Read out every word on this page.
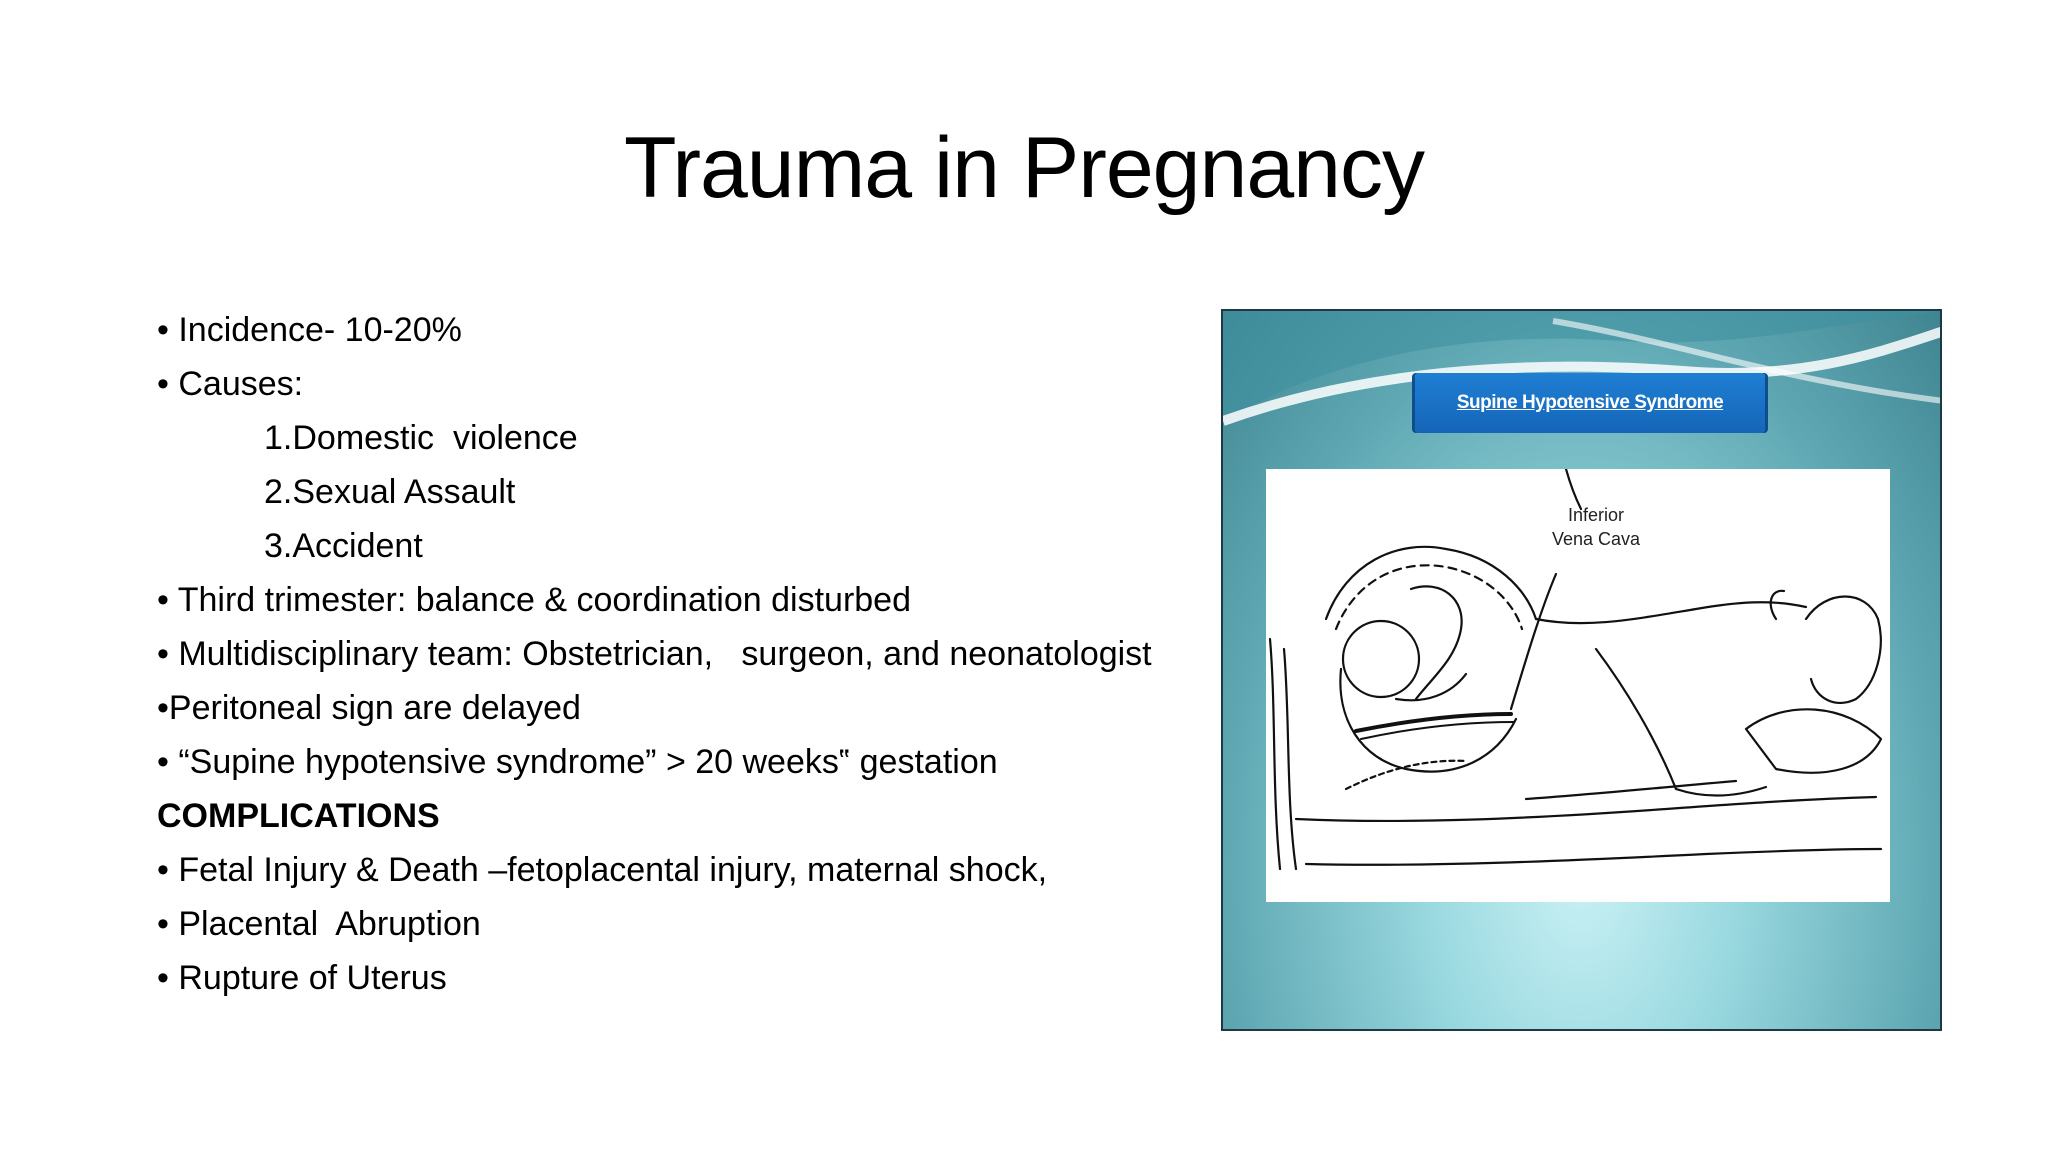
Trauma in Pregnancy
• Incidence- 10-20%
• Causes:
1.Domestic  violence
2.Sexual Assault
3.Accident
• Third trimester: balance & coordination disturbed
• Multidisciplinary team: Obstetrician,   surgeon, and neonatologist
•Peritoneal sign are delayed
• “Supine hypotensive syndrome” > 20 weeks‟ gestation
COMPLICATIONS
• Fetal Injury & Death –fetoplacental injury, maternal shock,
• Placental  Abruption
• Rupture of Uterus
Supine Hypotensive Syndrome
Inferior
Vena Cava
